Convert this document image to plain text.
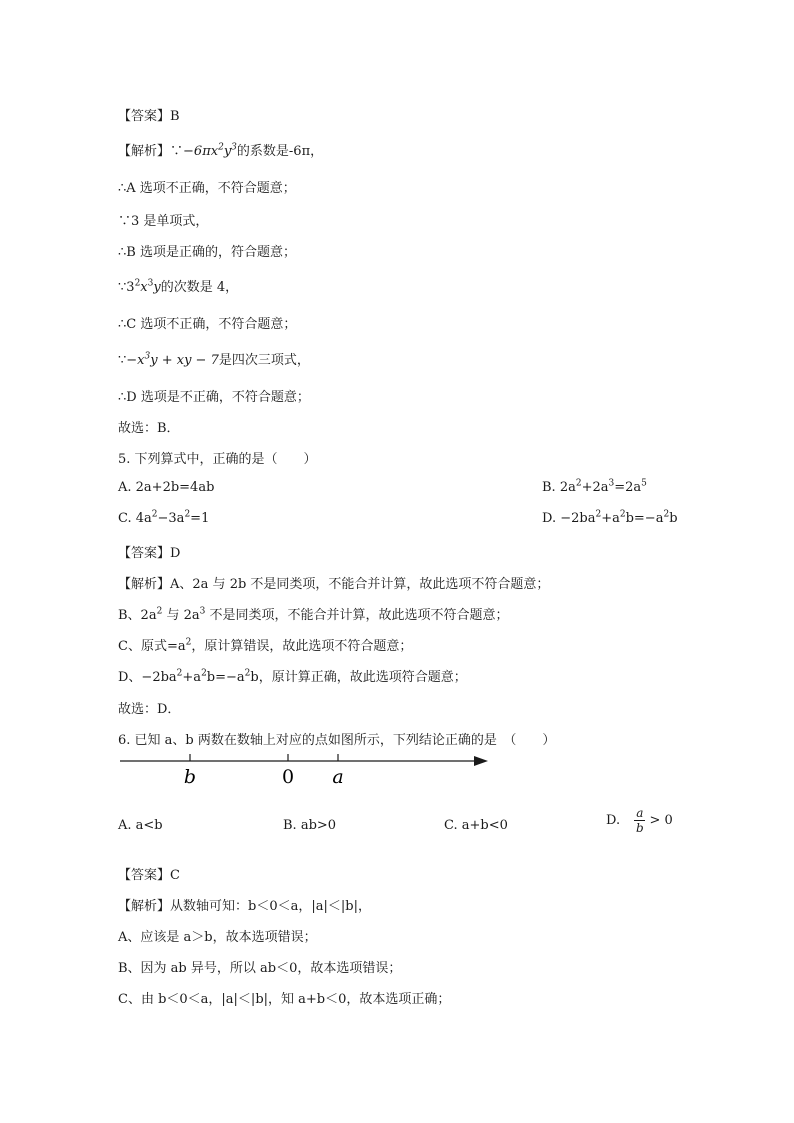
【答案】B
【解析】$\because-6\pi x^2y^3$的系数是-6π，
∴A 选项不正确，不符合题意；
∵3 是单项式，
∴B 选项是正确的，符合题意；
$\because 3^2x^3y$的次数是 4，
∴C 选项不正确，不符合题意；
$\because-x^3y$ + xy − 7是四次三项式，
∴D 选项是不正确，不符合题意；
故选：B．
5. 下列算式中，正确的是（　　）
A. 2a+2b=4ab	B. $2a^2+2a^3=2a^5$
C. $4a^2-3a^2=1$	D. $-2ba^2+a^2b=-a^2b$
【答案】D
【解析】A、2a 与 2b 不是同类项，不能合并计算，故此选项不符合题意；
B、$2a^2$ 与 $2a^3$ 不是同类项，不能合并计算，故此选项不符合题意；
C、原式$=a^2$，原计算错误，故此选项不符合题意；
D、$-2ba^2+a^2b=-a^2b$，原计算正确，故此选项符合题意；
故选：D．
6. 已知 a、b 两数在数轴上对应的点如图所示，下列结论正确的是　（　　）
b	0 a
A. a<b	B. ab>0	C. a+b<0	D. $\frac{a}{b} > 0$
【答案】C
【解析】从数轴可知：b＜0＜a，|a|＜|b|，
A、应该是 a＞b，故本选项错误；
B、因为 ab 异号，所以 ab＜0，故本选项错误；
C、由 b＜0＜a，|a|＜|b|，知 a+b＜0，故本选项正确；
